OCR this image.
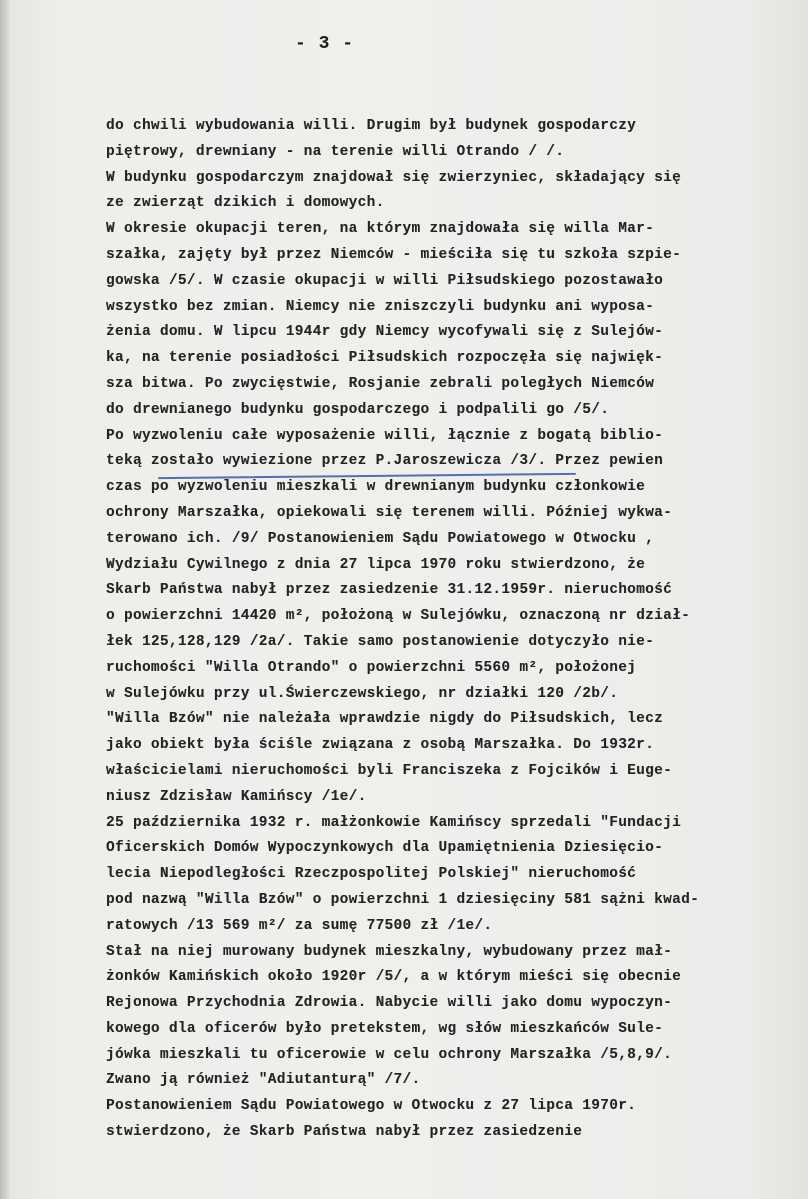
- 3 -
do chwili wybudowania willi. Drugim był budynek gospodarczy
piętrowy, drewniany - na terenie willi Otrando / /.
W budynku gospodarczym znajdował się zwierzyniec, składający się
ze zwierząt dzikich i domowych.
W okresie okupacji teren, na którym znajdowała się willa Mar-
szałka, zajęty był przez Niemców - mieściła się tu szkoła szpie-
gowska /5/. W czasie okupacji w willi Piłsudskiego pozostawało
wszystko bez zmian. Niemcy nie zniszczyli budynku ani wyposa-
żenia domu. W lipcu 1944r gdy Niemcy wycofywali się z Sulejów-
ka, na terenie posiadłości Piłsudskich rozpoczęła się najwięk-
sza bitwa. Po zwycięstwie, Rosjanie zebrali poległych Niemców
do drewnianego budynku gospodarczego i podpalili go /5/.
Po wyzwoleniu całe wyposażenie willi, łącznie z bogatą biblio-
teką zostało wywiezione przez P.Jaroszewicza /3/. Przez pewien
czas po wyzwoleniu mieszkali w drewnianym budynku członkowie
ochrony Marszałka, opiekowali się terenem willi. Później wykwa-
terowano ich. /9/ Postanowieniem Sądu Powiatowego w Otwocku ,
Wydziału Cywilnego z dnia 27 lipca 1970 roku stwierdzono, że
Skarb Państwa nabył przez zasiedzenie 31.12.1959r. nieruchomość
o powierzchni 14420 m², położoną w Sulejówku, oznaczoną nr dział-
łek 125,128,129 /2a/. Takie samo postanowienie dotyczyło nie-
ruchomości "Willa Otrando" o powierzchni 5560 m², położonej
w Sulejówku przy ul.Świerczewskiego, nr działki 120 /2b/.
"Willa Bzów" nie należała wprawdzie nigdy do Piłsudskich, lecz
jako obiekt była ściśle związana z osobą Marszałka. Do 1932r.
właścicielami nieruchomości byli Franciszeka z Fojcików i Euge-
niusz Zdzisław Kamińscy /1e/.
25 października 1932 r. małżonkowie Kamińscy sprzedali "Fundacji
Oficerskich Domów Wypoczynkowych dla Upamiętnienia Dziesięcio-
lecia Niepodległości Rzeczpospolitej Polskiej" nieruchomość
pod nazwą "Willa Bzów" o powierzchni 1 dziesięciny 581 sążni kwad-
ratowych /13 569 m²/ za sumę 77500 zł /1e/.
Stał na niej murowany budynek mieszkalny, wybudowany przez mał-
żonków Kamińskich około 1920r /5/, a w którym mieści się obecnie
Rejonowa Przychodnia Zdrowia. Nabycie willi jako domu wypoczyn-
kowego dla oficerów było pretekstem, wg słów mieszkańców Sule-
jówka mieszkali tu oficerowie w celu ochrony Marszałka /5,8,9/.
Zwano ją również "Adiutanturą" /7/.
Postanowieniem Sądu Powiatowego w Otwocku z 27 lipca 1970r.
stwierdzono, że Skarb Państwa nabył przez zasiedzenie
